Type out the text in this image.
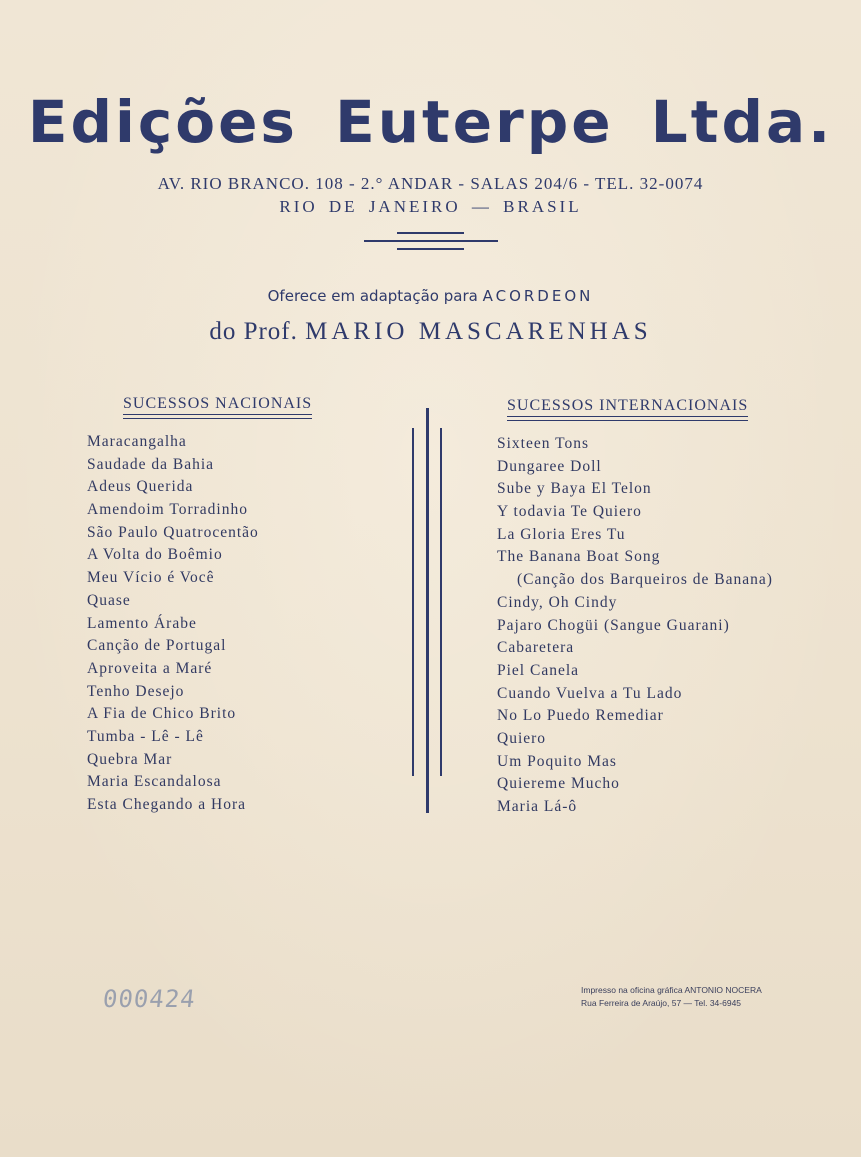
Edições Euterpe Ltda.
AV. RIO BRANCO. 108 - 2.° ANDAR - SALAS 204/6 - TEL. 32-0074
RIO DE JANEIRO — BRASIL
Oferece em adaptação para ACORDEON
do Prof. MARIO MASCARENHAS
SUCESSOS NACIONAIS	SUCESSOS INTERNACIONAIS
Maracangalha
Saudade da Bahia
Adeus Querida
Amendoim Torradinho
São Paulo Quatrocentão
A Volta do Boêmio
Meu Vício é Você
Quase
Lamento Árabe
Canção de Portugal
Aproveita a Maré
Tenho Desejo
A Fia de Chico Brito
Tumba - Lê - Lê
Quebra Mar
Maria Escandalosa
Esta Chegando a Hora
Sixteen Tons
Dungaree Doll
Sube y Baya El Telon
Y todavia Te Quiero
La Gloria Eres Tu
The Banana Boat Song
(Canção dos Barqueiros de Banana)
Cindy, Oh Cindy
Pajaro Chogüi (Sangue Guarani)
Cabaretera
Piel Canela
Cuando Vuelva a Tu Lado
No Lo Puedo Remediar
Quiero
Um Poquito Mas
Quiereme Mucho
Maria Lá-ô
000424	Impresso na oficina gráfica ANTONIO NOCERA
Rua Ferreira de Araújo, 57 — Tel. 34-6945
